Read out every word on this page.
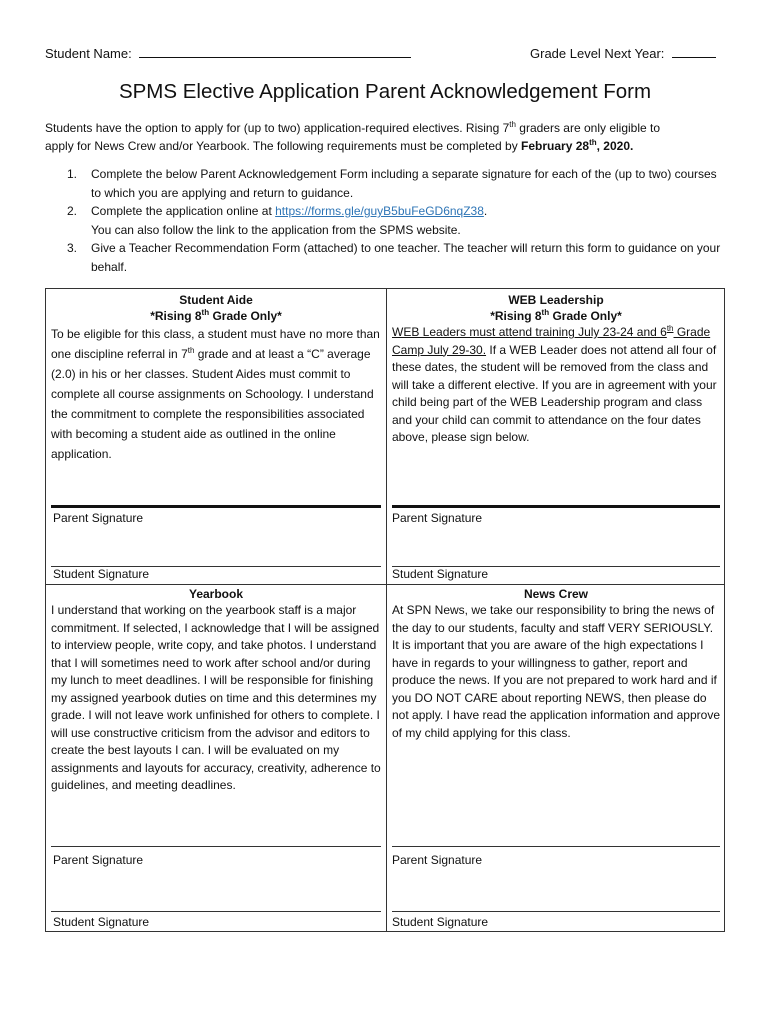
Student Name:	Grade Level Next Year:
SPMS Elective Application Parent Acknowledgement Form
Students have the option to apply for (up to two) application-required electives. Rising 7th graders are only eligible to
apply for News Crew and/or Yearbook. The following requirements must be completed by February 28th, 2020.
1. Complete the below Parent Acknowledgement Form including a separate signature for each of the (up to two) courses to which you are applying and return to guidance.
2. Complete the application online at https://forms.gle/guyB5buFeGD6nqZ38.
You can also follow the link to the application from the SPMS website.
3. Give a Teacher Recommendation Form (attached) to one teacher. The teacher will return this form to guidance on your behalf.
Student Aide
*Rising 8th Grade Only*
To be eligible for this class, a student must have no more than one discipline referral in 7th grade and at least a “C” average (2.0) in his or her classes. Student Aides must commit to complete all course assignments on Schoology. I understand the commitment to complete the responsibilities associated with becoming a student aide as outlined in the online application.
WEB Leadership
*Rising 8th Grade Only*
WEB Leaders must attend training July 23-24 and 6th Grade Camp July 29-30. If a WEB Leader does not attend all four of these dates, the student will be removed from the class and will take a different elective. If you are in agreement with your child being part of the WEB Leadership program and class and your child can commit to attendance on the four dates above, please sign below.
Parent Signature	Parent Signature
Student Signature	Student Signature
Yearbook
I understand that working on the yearbook staff is a major commitment. If selected, I acknowledge that I will be assigned to interview people, write copy, and take photos. I understand that I will sometimes need to work after school and/or during my lunch to meet deadlines. I will be responsible for finishing my assigned yearbook duties on time and this determines my grade. I will not leave work unfinished for others to complete. I will use constructive criticism from the advisor and editors to create the best layouts I can. I will be evaluated on my assignments and layouts for accuracy, creativity, adherence to guidelines, and meeting deadlines.
News Crew
At SPN News, we take our responsibility to bring the news of the day to our students, faculty and staff VERY SERIOUSLY. It is important that you are aware of the high expectations I have in regards to your willingness to gather, report and produce the news. If you are not prepared to work hard and if you DO NOT CARE about reporting NEWS, then please do not apply. I have read the application information and approve of my child applying for this class.
Parent Signature	Parent Signature
Student Signature	Student Signature
